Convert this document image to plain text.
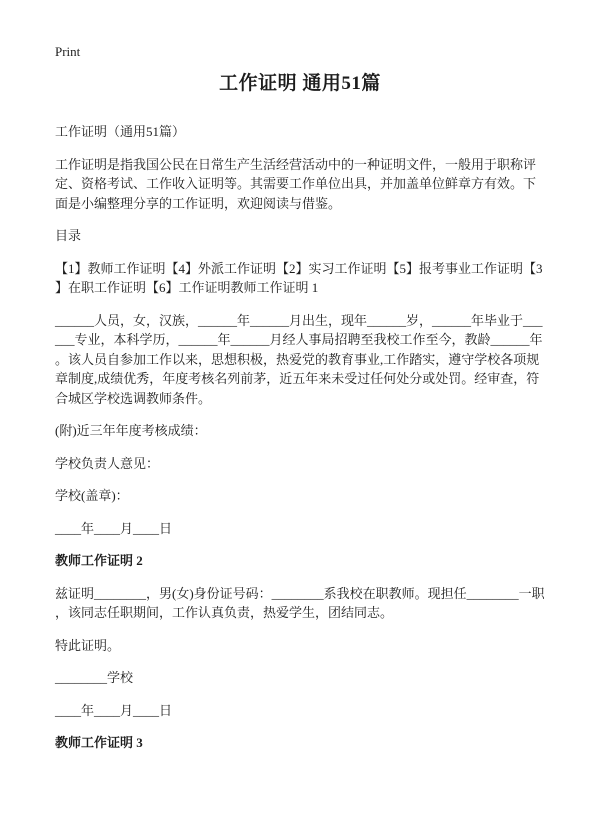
Print
工作证明 通用51篇

工作证明（通用51篇）

工作证明是指我国公民在日常生产生活经营活动中的一种证明文件，一般用于职称评定、资格考试、工作收入证明等。其需要工作单位出具，并加盖单位鲜章方有效。下面是小编整理分享的工作证明，欢迎阅读与借鉴。

目录

【1】教师工作证明【4】外派工作证明【2】实习工作证明【5】报考事业工作证明【3】在职工作证明【6】工作证明教师工作证明 1

______人员，女，汉族，______年______月出生，现年______岁，______年毕业于______专业，本科学历，______年______月经人事局招聘至我校工作至今，教龄______年。该人员自参加工作以来，思想积极，热爱党的教育事业,工作踏实，遵守学校各项规章制度,成绩优秀，年度考核名列前茅，近五年来未受过任何处分或处罚。经审查，符合城区学校选调教师条件。

(附)近三年年度考核成绩：

学校负责人意见：

学校(盖章)：

____年____月____日

教师工作证明 2

兹证明________，男(女)身份证号码：________系我校在职教师。现担任________一职，该同志任职期间，工作认真负责，热爱学生，团结同志。

特此证明。

________学校

____年____月____日

教师工作证明 3
